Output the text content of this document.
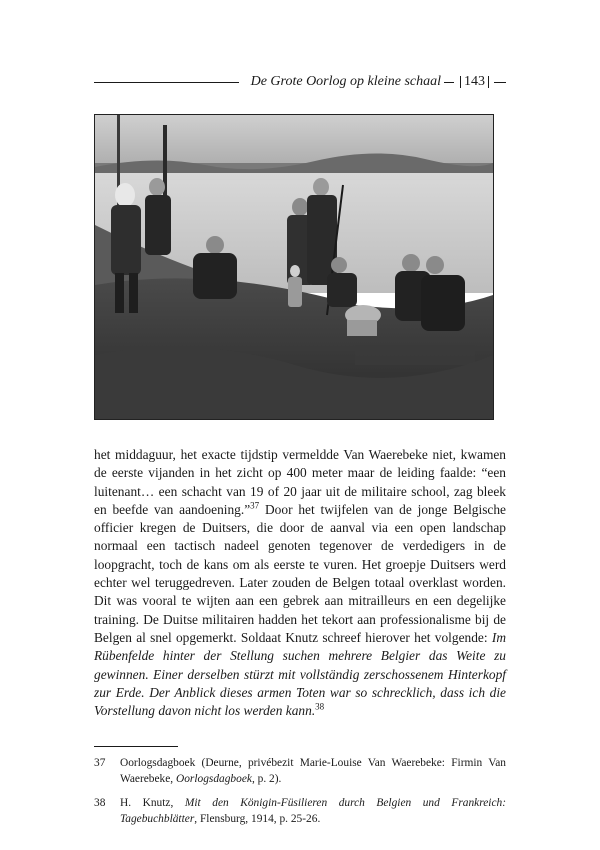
De Grote Oorlog op kleine schaal 143

het middaguur, het exacte tijdstip vermeldde Van Waerebeke niet, kwamen de eerste vijanden in het zicht op 400 meter maar de leiding faalde: “een luitenant… een schacht van 19 of 20 jaar uit de militaire school, zag bleek en beefde van aandoening.”$^{37}$ Door het twijfelen van de jonge Belgische officier kregen de Duitsers, die door de aanval via een open landschap normaal een tactisch nadeel genoten tegenover de verdedigers in de loopgracht, toch de kans om als eerste te vuren. Het groepje Duitsers werd echter wel teruggedreven. Later zouden de Belgen totaal overklast worden. Dit was vooral te wijten aan een gebrek aan mitrailleurs en een degelijke training. De Duitse militairen hadden het tekort aan professionalisme bij de Belgen al snel opgemerkt. Soldaat Knutz schreef hierover het volgende: Im Rübenfelde hinter der Stellung suchen mehrere Belgier das Weite zu gewinnen. Einer derselben stürzt mit vollständig zerschossenem Hinterkopf zur Erde. Der Anblick dieses armen Toten war so schrecklich, dass ich die Vorstellung davon nicht los werden kann.$^{38}$

37	Oorlogsdagboek (Deurne, privébezit Marie-Louise Van Waerebeke: Firmin Van Waerebeke, Oorlogsdagboek, p. 2).
38	H. Knutz, Mit den Königin-Füsilieren durch Belgien und Frankreich: Tagebuchblätter, Flensburg, 1914, p. 25-26.
